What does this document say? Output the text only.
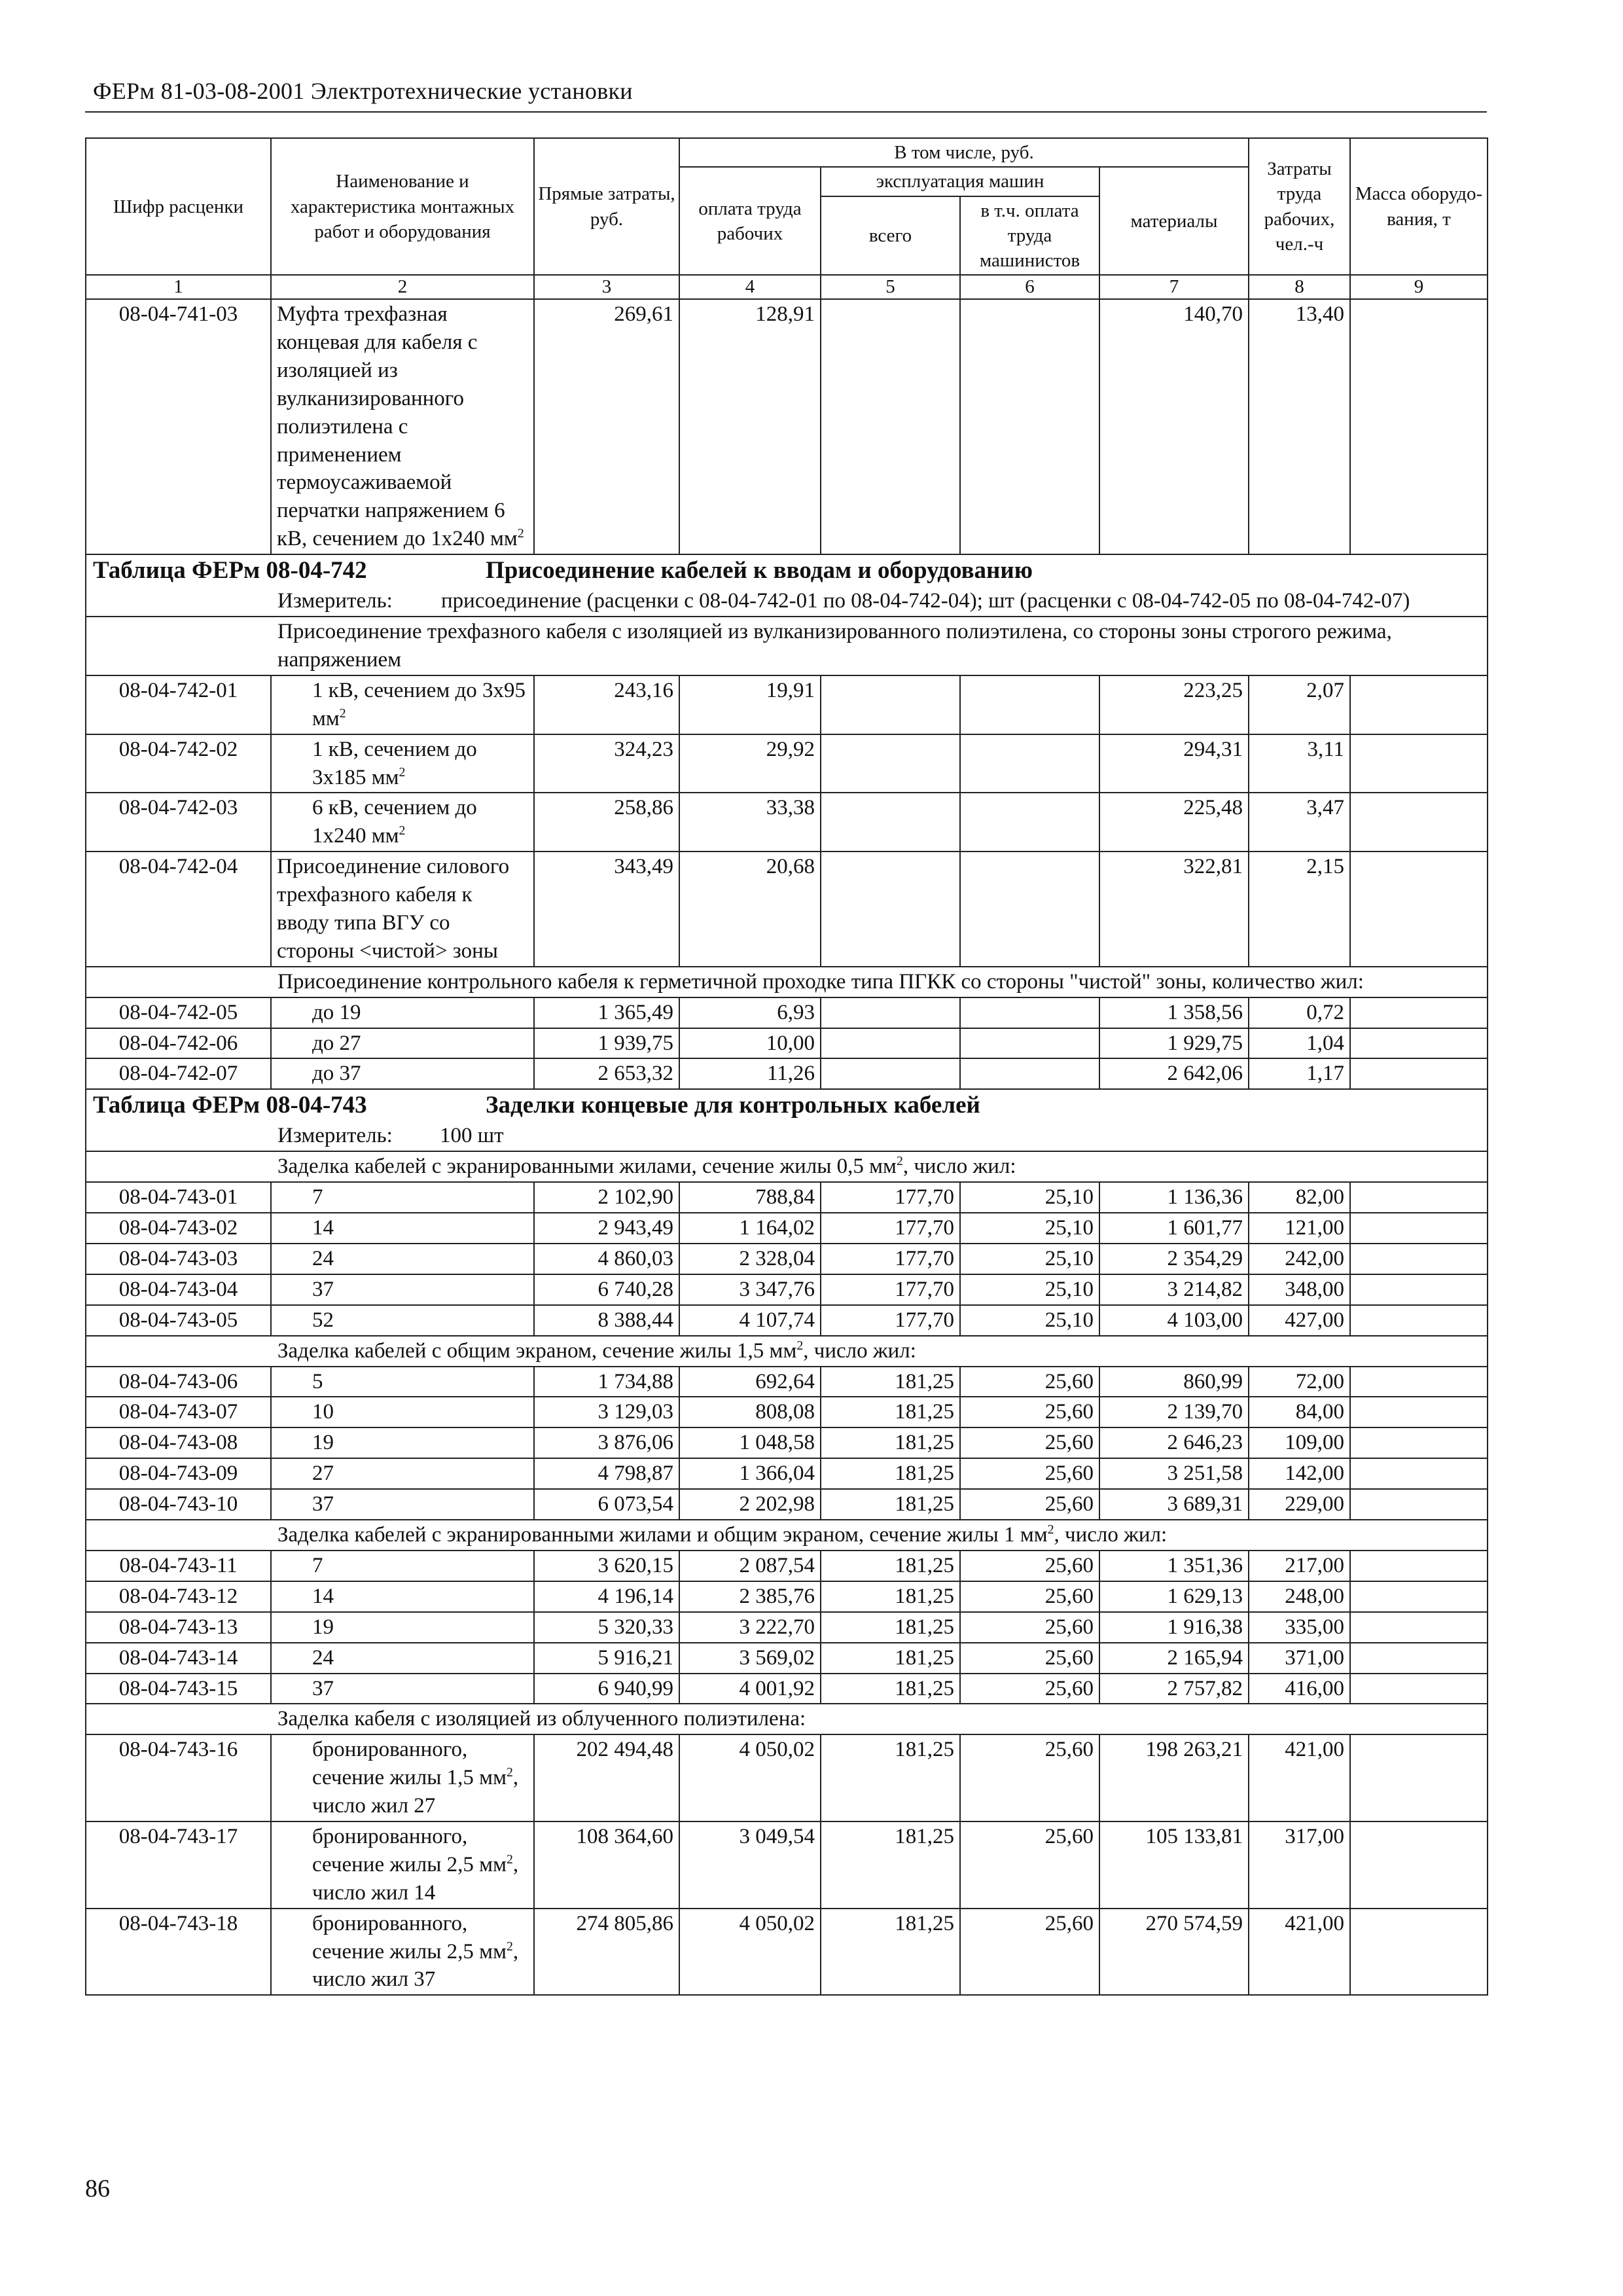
ФЕРм 81-03-08-2001 Электротехнические установки
Шифр расценки	Наименование и характеристика монтажных работ и оборудования	Прямые затраты, руб.	В том числе, руб.				Затраты труда рабочих, чел.-ч	Масса оборудо-вания, т
			оплата труда рабочих	эксплуатация машин		материалы		
				всего	в т.ч. оплата труда машинистов			
1	2	3	4	5	6	7	8	9
08-04-741-03	Муфта трехфазная концевая для кабеля с изоляцией из вулканизированного полиэтилена с применением термоусаживаемой перчатки напряжением 6 кВ, сечением до 1х240 $мм^2$	269,61	128,91			140,70	13,40	
Таблица ФЕРм 08-04-742 Присоединение кабелей к вводам и оборудованию								

Измеритель: присоединение (расценки с 08-04-742-01 по 08-04-742-04); шт (расценки с 08-04-742-05 по 08-04-742-07)								

Присоединение трехфазного кабеля с изоляцией из вулканизированного полиэтилена, со стороны зоны строгого режима, напряжением								
08-04-742-01	1 кВ, сечением до 3х95 $мм^2$	243,16	19,91			223,25	2,07	
08-04-742-02	1 кВ, сечением до 3х185 $мм^2$	324,23	29,92			294,31	3,11	
08-04-742-03	6 кВ, сечением до 1х240 $мм^2$	258,86	33,38			225,48	3,47	
08-04-742-04	Присоединение силового трехфазного кабеля к вводу типа ВГУ со стороны <чистой> зоны	343,49	20,68			322,81	2,15	
Присоединение контрольного кабеля к герметичной проходке типа ПГКК со стороны "чистой" зоны, количество жил:								
08-04-742-05	до 19	1 365,49	6,93			1 358,56	0,72	
08-04-742-06	до 27	1 939,75	10,00			1 929,75	1,04	
08-04-742-07	до 37	2 653,32	11,26			2 642,06	1,17	
Таблица ФЕРм 08-04-743 Заделки концевые для контрольных кабелей								
Измеритель: 100 шт								
Заделка кабелей с экранированными жилами, сечение жилы 0,5 $мм^2$, число жил:								
08-04-743-01	7	2 102,90	788,84	177,70	25,10	1 136,36	82,00	
08-04-743-02	14	2 943,49	1 164,02	177,70	25,10	1 601,77	121,00	
08-04-743-03	24	4 860,03	2 328,04	177,70	25,10	2 354,29	242,00	
08-04-743-04	37	6 740,28	3 347,76	177,70	25,10	3 214,82	348,00	
08-04-743-05	52	8 388,44	4 107,74	177,70	25,10	4 103,00	427,00	
Заделка кабелей с общим экраном, сечение жилы 1,5 $мм^2$, число жил:								
08-04-743-06	5	1 734,88	692,64	181,25	25,60	860,99	72,00	
08-04-743-07	10	3 129,03	808,08	181,25	25,60	2 139,70	84,00	
08-04-743-08	19	3 876,06	1 048,58	181,25	25,60	2 646,23	109,00	
08-04-743-09	27	4 798,87	1 366,04	181,25	25,60	3 251,58	142,00	
08-04-743-10	37	6 073,54	2 202,98	181,25	25,60	3 689,31	229,00	
Заделка кабелей с экранированными жилами и общим экраном, сечение жилы 1 $мм^2$, число жил:								
08-04-743-11	7	3 620,15	2 087,54	181,25	25,60	1 351,36	217,00	
08-04-743-12	14	4 196,14	2 385,76	181,25	25,60	1 629,13	248,00	
08-04-743-13	19	5 320,33	3 222,70	181,25	25,60	1 916,38	335,00	
08-04-743-14	24	5 916,21	3 569,02	181,25	25,60	2 165,94	371,00	
08-04-743-15	37	6 940,99	4 001,92	181,25	25,60	2 757,82	416,00	
Заделка кабеля с изоляцией из облученного полиэтилена:								
08-04-743-16	бронированного, сечение жилы 1,5 $мм^2$, число жил 27	202 494,48	4 050,02	181,25	25,60	198 263,21	421,00	
08-04-743-17	бронированного, сечение жилы 2,5 $мм^2$, число жил 14	108 364,60	3 049,54	181,25	25,60	105 133,81	317,00	
08-04-743-18	бронированного, сечение жилы 2,5 $мм^2$, число жил 37	274 805,86	4 050,02	181,25	25,60	270 574,59	421,00	
86
